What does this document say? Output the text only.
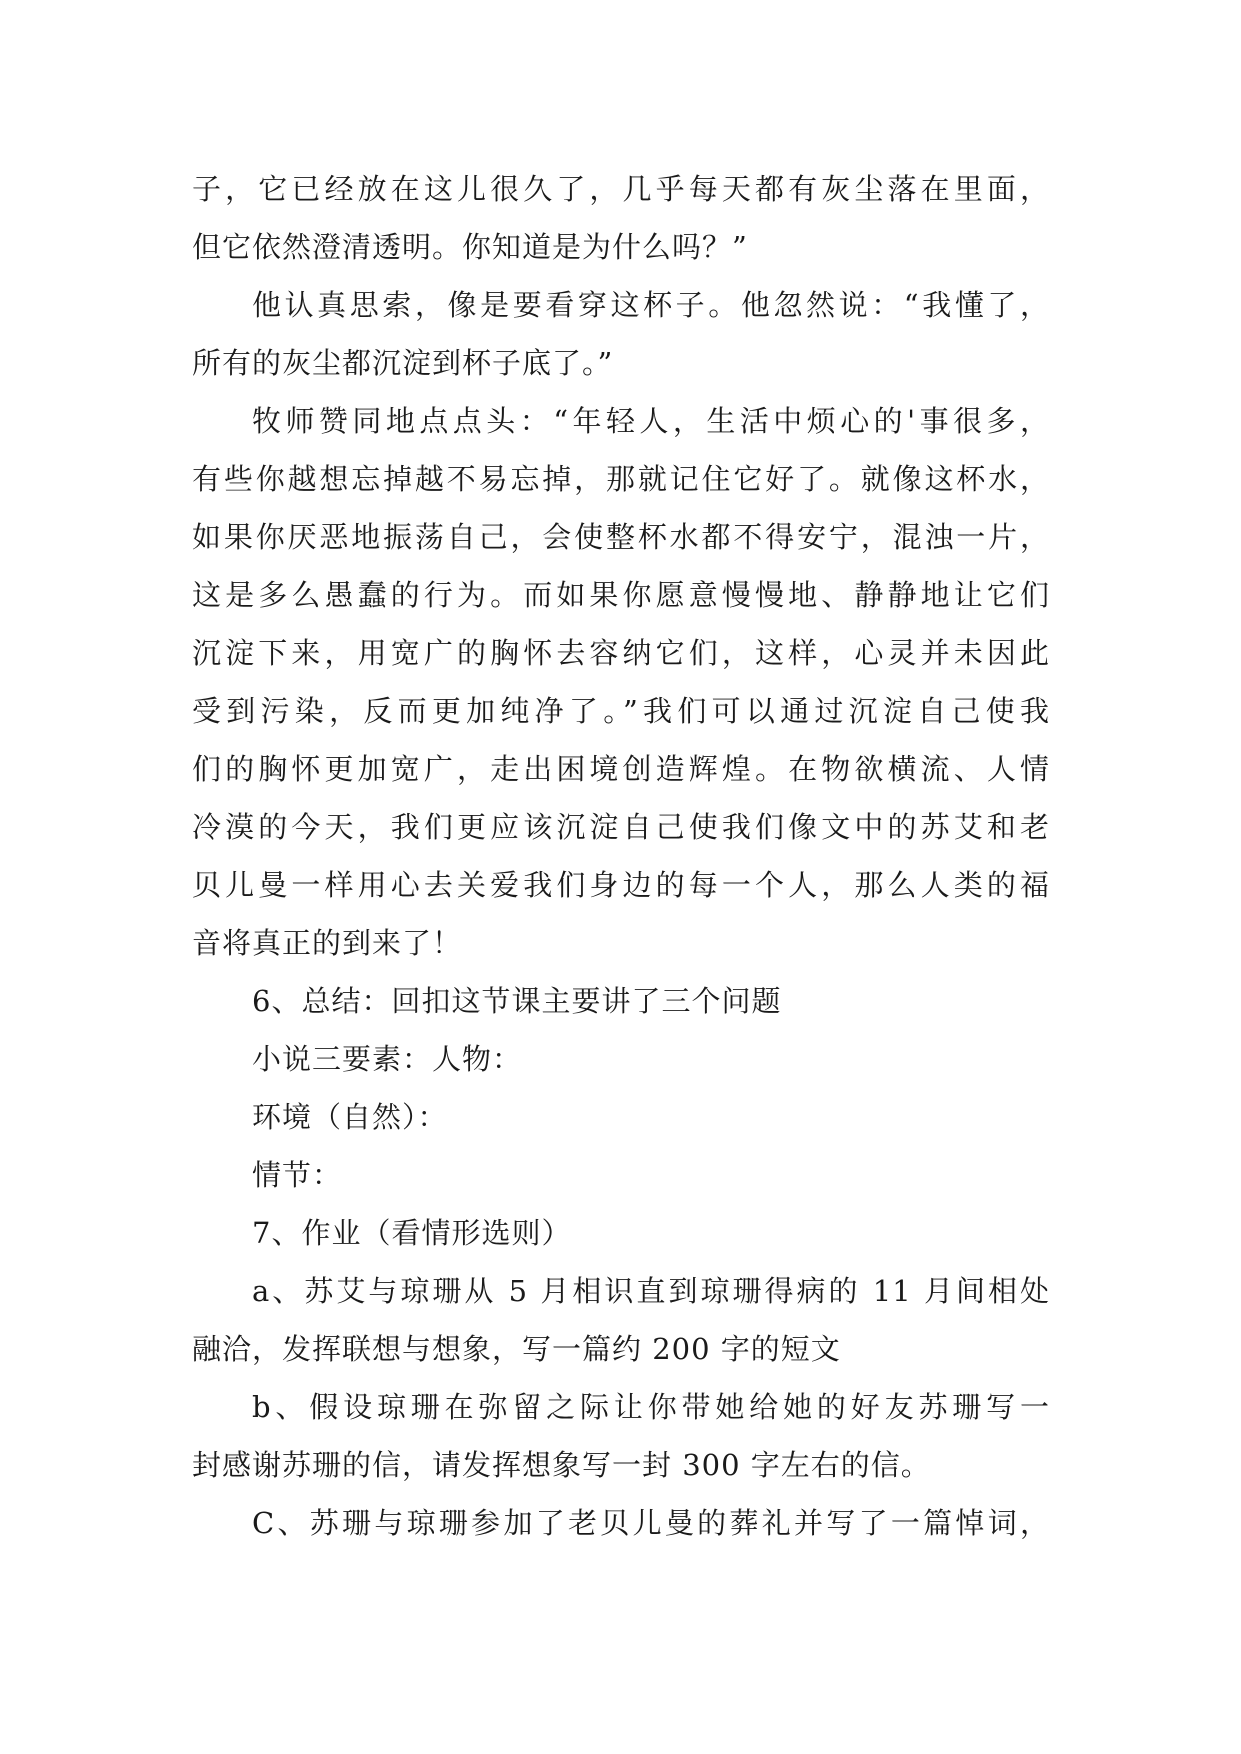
子，它已经放在这儿很久了，几乎每天都有灰尘落在里面，
但它依然澄清透明。你知道是为什么吗？”
他认真思索，像是要看穿这杯子。他忽然说：“我懂了，
所有的灰尘都沉淀到杯子底了。”
牧师赞同地点点头：“年轻人，生活中烦心的'事很多，
有些你越想忘掉越不易忘掉，那就记住它好了。就像这杯水，
如果你厌恶地振荡自己，会使整杯水都不得安宁，混浊一片，
这是多么愚蠢的行为。而如果你愿意慢慢地、静静地让它们
沉淀下来，用宽广的胸怀去容纳它们，这样，心灵并未因此
受到污染，反而更加纯净了。”我们可以通过沉淀自己使我
们的胸怀更加宽广，走出困境创造辉煌。在物欲横流、人情
冷漠的今天，我们更应该沉淀自己使我们像文中的苏艾和老
贝儿曼一样用心去关爱我们身边的每一个人，那么人类的福
音将真正的到来了！
6、总结：回扣这节课主要讲了三个问题
小说三要素：人物：
环境（自然）：
情节：
7、作业（看情形选则）
a、苏艾与琼珊从 5 月相识直到琼珊得病的 11 月间相处
融洽，发挥联想与想象，写一篇约 200 字的短文
b、假设琼珊在弥留之际让你带她给她的好友苏珊写一
封感谢苏珊的信，请发挥想象写一封 300 字左右的信。
C、苏珊与琼珊参加了老贝儿曼的葬礼并写了一篇悼词，
